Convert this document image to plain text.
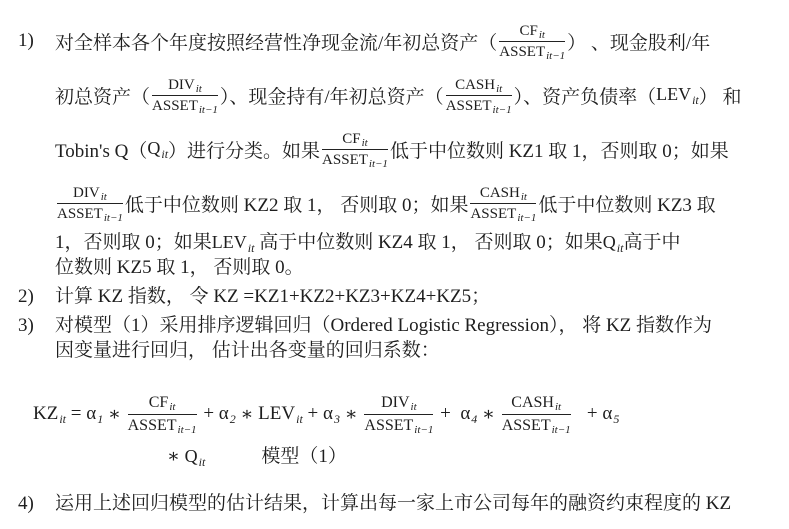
1)	对全样本各个年度按照经营性净现金流/年初总资产（ $\frac{CF_{it}}{ASSET_{it-1}}$ ） 、现金股利/年
初总资产（ $\frac{DIV_{it}}{ASSET_{it-1}}$ ）、现金持有/年初总资产（ $\frac{CASH_{it}}{ASSET_{it-1}}$ ）、资产负债率（ $LEV_{it}$ ） 和
Tobin's Q（ $Q_{it}$ ）进行分类。如果 $\frac{CF_{it}}{ASSET_{it-1}}$ 低于中位数则 KZ1 取 1，否则取 0；如果
$\frac{DIV_{it}}{ASSET_{it-1}}$ 低于中位数则 KZ2 取 1， 否则取 0；如果 $\frac{CASH_{it}}{ASSET_{it-1}}$ 低于中位数则 KZ3 取
1，否则取 0；如果$LEV_{it}$ 高于中位数则 KZ4 取 1， 否则取 0；如果$Q_{it}$高于中
位数则 KZ5 取 1， 否则取 0。
2)	计算 KZ 指数， 令 KZ =KZ1+KZ2+KZ3+KZ4+KZ5；
3)	对模型（1）采用排序逻辑回归（Ordered Logistic Regression）， 将 KZ 指数作为
因变量进行回归， 估计出各变量的回归系数：
$KZ_{it} = \alpha_1$ ∗ $\frac{CF_{it}}{ASSET_{it-1}} + \alpha_2$ ∗ $LEV_{it} + \alpha_3$ ∗ $\frac{DIV_{it}}{ASSET_{it-1}} + \alpha_4$ ∗ $\frac{CASH_{it}}{ASSET_{it-1}} + \alpha_5$
∗ $Q_{it}$	模型（1）
4)	运用上述回归模型的估计结果，计算出每一家上市公司每年的融资约束程度的 KZ
